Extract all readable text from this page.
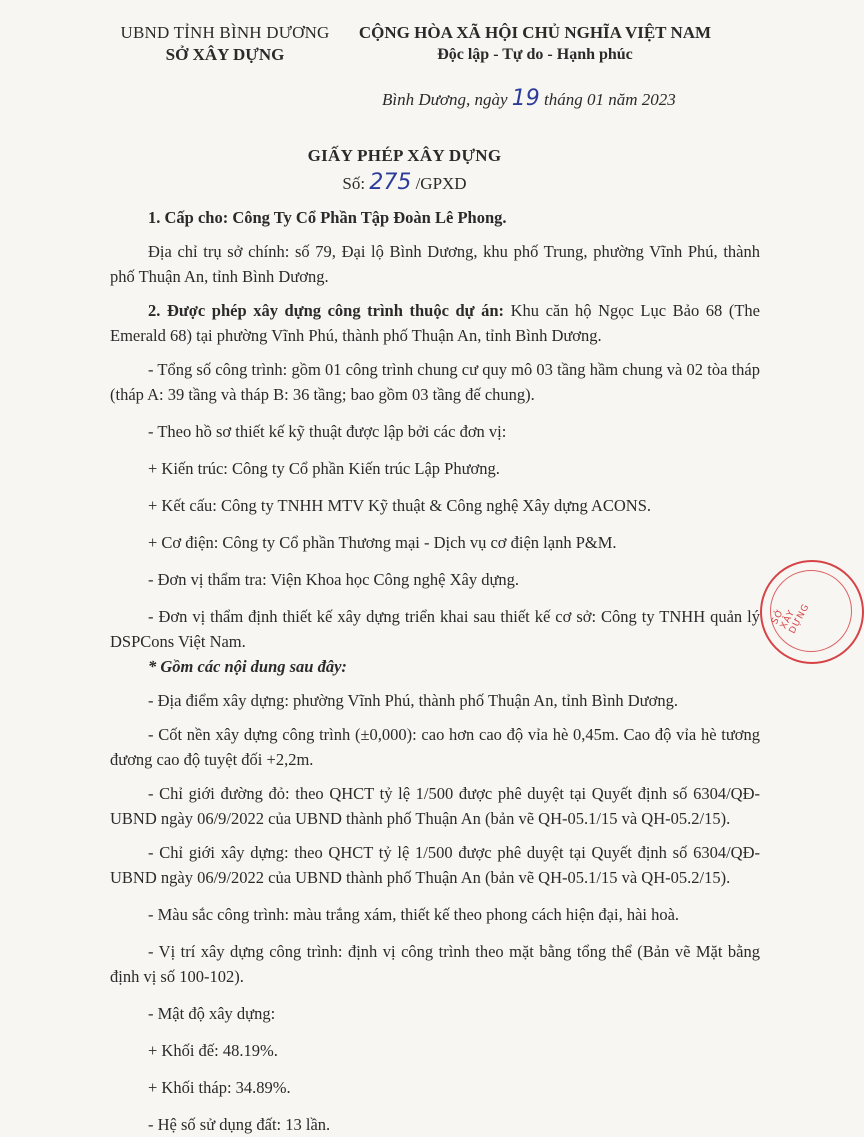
UBND TỈNH BÌNH DƯƠNG
SỞ XÂY DỰNG
CỘNG HÒA XÃ HỘI CHỦ NGHĨA VIỆT NAM
Độc lập - Tự do - Hạnh phúc
Bình Dương, ngày 19 tháng 01 năm 2023
GIẤY PHÉP XÂY DỰNG
Số: 275 /GPXD

1. Cấp cho: Công Ty Cổ Phần Tập Đoàn Lê Phong.

Địa chỉ trụ sở chính: số 79, Đại lộ Bình Dương, khu phố Trung, phường Vĩnh Phú, thành phố Thuận An, tỉnh Bình Dương.

2. Được phép xây dựng công trình thuộc dự án: Khu căn hộ Ngọc Lục Bảo 68 (The Emerald 68) tại phường Vĩnh Phú, thành phố Thuận An, tỉnh Bình Dương.

- Tổng số công trình: gồm 01 công trình chung cư quy mô 03 tầng hầm chung và 02 tòa tháp (tháp A: 39 tầng và tháp B: 36 tầng; bao gồm 03 tầng đế chung).

- Theo hồ sơ thiết kế kỹ thuật được lập bởi các đơn vị:

+ Kiến trúc: Công ty Cổ phần Kiến trúc Lập Phương.

+ Kết cấu: Công ty TNHH MTV Kỹ thuật & Công nghệ Xây dựng ACONS.

+ Cơ điện: Công ty Cổ phần Thương mại - Dịch vụ cơ điện lạnh P&M.

- Đơn vị thẩm tra: Viện Khoa học Công nghệ Xây dựng.

- Đơn vị thẩm định thiết kế xây dựng triển khai sau thiết kế cơ sở: Công ty TNHH quản lý DSPCons Việt Nam.

* Gồm các nội dung sau đây:

- Địa điểm xây dựng: phường Vĩnh Phú, thành phố Thuận An, tỉnh Bình Dương.

- Cốt nền xây dựng công trình (±0,000): cao hơn cao độ vỉa hè 0,45m. Cao độ vỉa hè tương đương cao độ tuyệt đối +2,2m.

- Chỉ giới đường đỏ: theo QHCT tỷ lệ 1/500 được phê duyệt tại Quyết định số 6304/QĐ-UBND ngày 06/9/2022 của UBND thành phố Thuận An (bản vẽ QH-05.1/15 và QH-05.2/15).

- Chỉ giới xây dựng: theo QHCT tỷ lệ 1/500 được phê duyệt tại Quyết định số 6304/QĐ-UBND ngày 06/9/2022 của UBND thành phố Thuận An (bản vẽ QH-05.1/15 và QH-05.2/15).

- Màu sắc công trình: màu trắng xám, thiết kế theo phong cách hiện đại, hài hoà.

- Vị trí xây dựng công trình: định vị công trình theo mặt bằng tổng thể (Bản vẽ Mặt bằng định vị số 100-102).

- Mật độ xây dựng:

+ Khối đế: 48.19%.

+ Khối tháp: 34.89%.

- Hệ số sử dụng đất: 13 lần.

SỞ XÂY DỰNG
